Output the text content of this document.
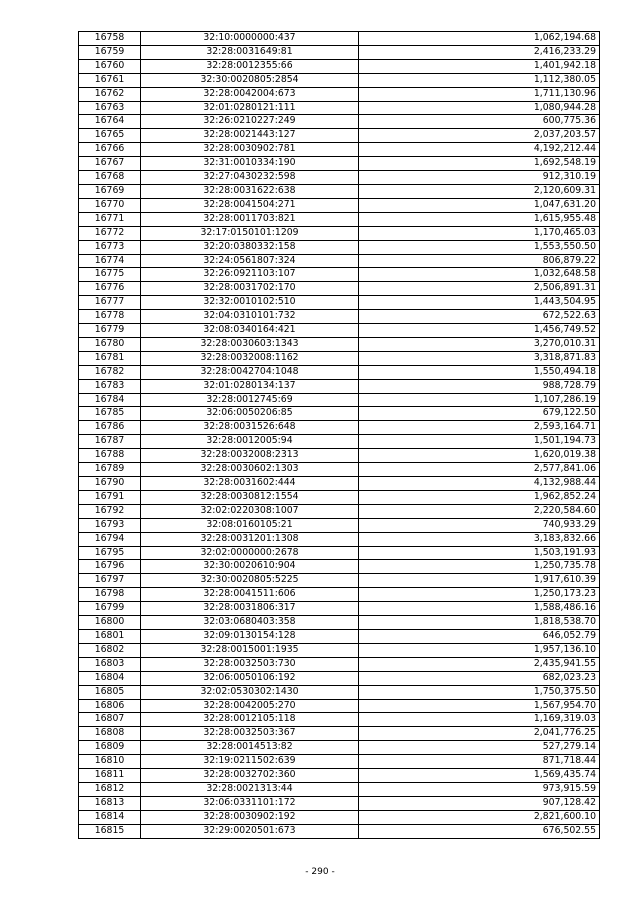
16758	32:10:0000000:437	1,062,194.68
16759	32:28:0031649:81	2,416,233.29
16760	32:28:0012355:66	1,401,942.18
16761	32:30:0020805:2854	1,112,380.05
16762	32:28:0042004:673	1,711,130.96
16763	32:01:0280121:111	1,080,944.28
16764	32:26:0210227:249	600,775.36
16765	32:28:0021443:127	2,037,203.57
16766	32:28:0030902:781	4,192,212.44
16767	32:31:0010334:190	1,692,548.19
16768	32:27:0430232:598	912,310.19
16769	32:28:0031622:638	2,120,609.31
16770	32:28:0041504:271	1,047,631.20
16771	32:28:0011703:821	1,615,955.48
16772	32:17:0150101:1209	1,170,465.03
16773	32:20:0380332:158	1,553,550.50
16774	32:24:0561807:324	806,879.22
16775	32:26:0921103:107	1,032,648.58
16776	32:28:0031702:170	2,506,891.31
16777	32:32:0010102:510	1,443,504.95
16778	32:04:0310101:732	672,522.63
16779	32:08:0340164:421	1,456,749.52
16780	32:28:0030603:1343	3,270,010.31
16781	32:28:0032008:1162	3,318,871.83
16782	32:28:0042704:1048	1,550,494.18
16783	32:01:0280134:137	988,728.79
16784	32:28:0012745:69	1,107,286.19
16785	32:06:0050206:85	679,122.50
16786	32:28:0031526:648	2,593,164.71
16787	32:28:0012005:94	1,501,194.73
16788	32:28:0032008:2313	1,620,019.38
16789	32:28:0030602:1303	2,577,841.06
16790	32:28:0031602:444	4,132,988.44
16791	32:28:0030812:1554	1,962,852.24
16792	32:02:0220308:1007	2,220,584.60
16793	32:08:0160105:21	740,933.29
16794	32:28:0031201:1308	3,183,832.66
16795	32:02:0000000:2678	1,503,191.93
16796	32:30:0020610:904	1,250,735.78
16797	32:30:0020805:5225	1,917,610.39
16798	32:28:0041511:606	1,250,173.23
16799	32:28:0031806:317	1,588,486.16
16800	32:03:0680403:358	1,818,538.70
16801	32:09:0130154:128	646,052.79
16802	32:28:0015001:1935	1,957,136.10
16803	32:28:0032503:730	2,435,941.55
16804	32:06:0050106:192	682,023.23
16805	32:02:0530302:1430	1,750,375.50
16806	32:28:0042005:270	1,567,954.70
16807	32:28:0012105:118	1,169,319.03
16808	32:28:0032503:367	2,041,776.25
16809	32:28:0014513:82	527,279.14
16810	32:19:0211502:639	871,718.44
16811	32:28:0032702:360	1,569,435.74
16812	32:28:0021313:44	973,915.59
16813	32:06:0331101:172	907,128.42
16814	32:28:0030902:192	2,821,600.10
16815	32:29:0020501:673	676,502.55
- 290 -
